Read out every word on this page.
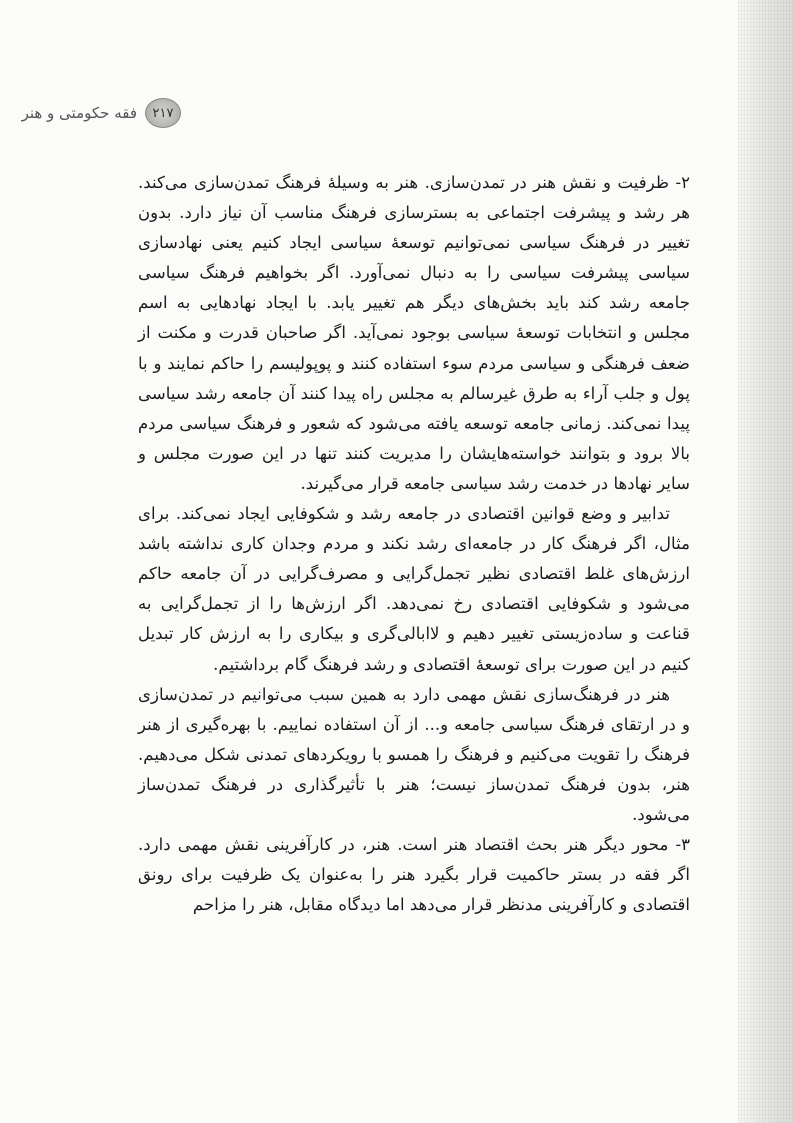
فقه حکومتی و هنر ۲۱۷

۲- ظرفیت و نقش هنر در تمدن‌سازی. هنر به وسیلهٔ فرهنگ تمدن‌سازی می‌کند. هر رشد و پیشرفت اجتماعی به بسترسازی فرهنگ مناسب آن نیاز دارد. بدون تغییر در فرهنگ سیاسی نمی‌توانیم توسعهٔ سیاسی ایجاد کنیم یعنی نهادسازی سیاسی پیشرفت سیاسی را به دنبال نمی‌آورد. اگر بخواهیم فرهنگ سیاسی جامعه رشد کند باید بخش‌های دیگر هم تغییر یابد. با ایجاد نهادهایی به اسم مجلس و انتخابات توسعهٔ سیاسی بوجود نمی‌آید. اگر صاحبان قدرت و مکنت از ضعف فرهنگی و سیاسی مردم سوء استفاده کنند و پوپولیسم را حاکم نمایند و با پول و جلب آراء به طرق غیرسالم به مجلس راه پیدا کنند آن جامعه رشد سیاسی پیدا نمی‌کند. زمانی جامعه توسعه یافته می‌شود که شعور و فرهنگ سیاسی مردم بالا برود و بتوانند خواسته‌هایشان را مدیریت کنند تنها در این صورت مجلس و سایر نهادها در خدمت رشد سیاسی جامعه قرار می‌گیرند.

تدابیر و وضع قوانین اقتصادی در جامعه رشد و شکوفایی ایجاد نمی‌کند. برای مثال، اگر فرهنگ کار در جامعه‌ای رشد نکند و مردم وجدان کاری نداشته باشد ارزش‌های غلط اقتصادی نظیر تجمل‌گرایی و مصرف‌گرایی در آن جامعه حاکم می‌شود و شکوفایی اقتصادی رخ نمی‌دهد. اگر ارزش‌ها را از تجمل‌گرایی به قناعت و ساده‌زیستی تغییر دهیم و لاابالی‌گری و بیکاری را به ارزش کار تبدیل کنیم در این صورت برای توسعهٔ اقتصادی و رشد فرهنگ گام برداشتیم.

هنر در فرهنگ‌سازی نقش مهمی دارد به همین سبب می‌توانیم در تمدن‌سازی و در ارتقای فرهنگ سیاسی جامعه و... از آن استفاده نماییم. با بهره‌گیری از هنر فرهنگ را تقویت می‌کنیم و فرهنگ را همسو با رویکردهای تمدنی شکل می‌دهیم. هنر، بدون فرهنگ تمدن‌ساز نیست؛ هنر با تأثیرگذاری در فرهنگ تمدن‌ساز می‌شود.

۳- محور دیگر هنر بحث اقتصاد هنر است. هنر، در کارآفرینی نقش مهمی دارد. اگر فقه در بستر حاکمیت قرار بگیرد هنر را به‌عنوان یک ظرفیت برای رونق اقتصادی و کارآفرینی مدنظر قرار می‌دهد اما دیدگاه مقابل، هنر را مزاحم
